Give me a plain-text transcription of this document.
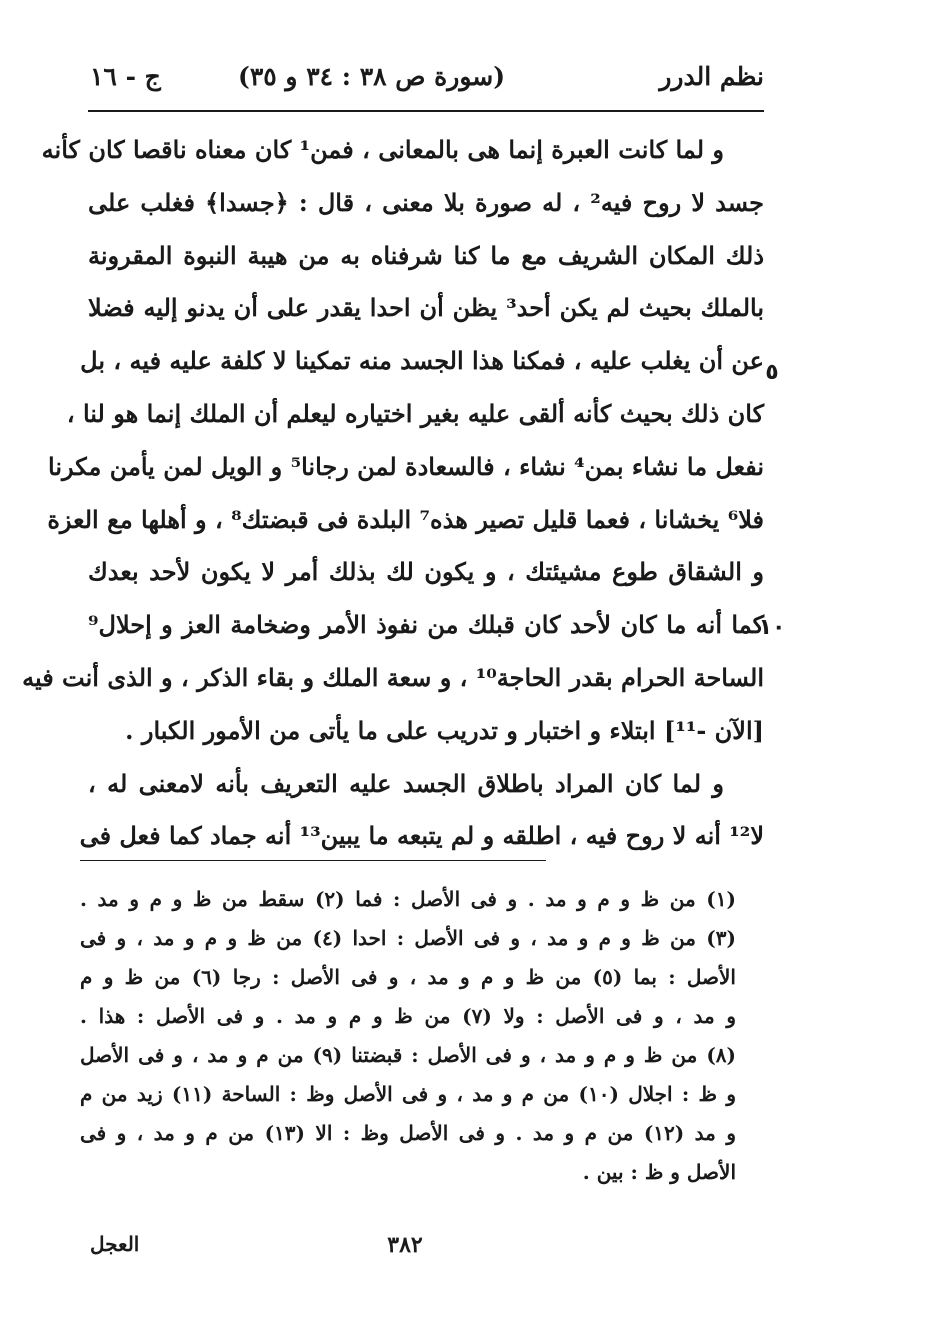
نظم الدرر
(سورة ص ٣٨ : ٣٤ و ٣٥)
ج - ١٦
و لما كانت العبرة إنما هى بالمعانى ، فمن¹ كان معناه ناقصا كان كأنه
جسد لا روح فيه² ، له صورة بلا معنى ، قال : ﴿جسدا﴾ فغلب على
ذلك المكان الشريف مع ما كنا شرفناه به من هيبة النبوة المقرونة
بالملك بحيث لم يكن أحد³ يظن أن احدا يقدر على أن يدنو إليه فضلا
عن أن يغلب عليه ، فمكنا هذا الجسد منه تمكينا لا كلفة عليه فيه ، بل
كان ذلك بحيث كأنه ألقى عليه بغير اختياره ليعلم أن الملك إنما هو لنا ،
نفعل ما نشاء بمن⁴ نشاء ، فالسعادة لمن رجانا⁵ و الويل لمن يأمن مكرنا
فلا⁶ يخشانا ، فعما قليل تصير هذه⁷ البلدة فى قبضتك⁸ ، و أهلها مع العزة
و الشقاق طوع مشيئتك ، و يكون لك بذلك أمر لا يكون لأحد بعدك
كما أنه ما كان لأحد كان قبلك من نفوذ الأمر وضخامة العز و إحلال⁹
الساحة الحرام بقدر الحاجة¹⁰ ، و سعة الملك و بقاء الذكر ، و الذى أنت فيه
[الآن -¹¹] ابتلاء و اختبار و تدريب على ما يأتى من الأمور الكبار .
و لما كان المراد باطلاق الجسد عليه التعريف بأنه لامعنى له ،
لا¹² أنه لا روح فيه ، اطلقه و لم يتبعه ما يبين¹³ أنه جماد كما فعل فى
٥
١٠
(١) من ظ و م و مد . و فى الأصل : فما (٢) سقط من ظ و م و مد .
(٣) من ظ و م و مد ، و فى الأصل : احدا (٤) من ظ و م و مد ، و فى
الأصل : بما (٥) من ظ و م و مد ، و فى الأصل : رجا (٦) من ظ و م
و مد ، و فى الأصل : ولا (٧) من ظ و م و مد . و فى الأصل : هذا .
(٨) من ظ و م و مد ، و فى الأصل : قبضتنا (٩) من م و مد ، و فى الأصل
و ظ : اجلال (١٠) من م و مد ، و فى الأصل وظ : الساحة (١١) زيد من م
و مد (١٢) من م و مد . و فى الأصل وظ : الا (١٣) من م و مد ، و فى
الأصل و ظ : بين .
العجل	٣٨٢
